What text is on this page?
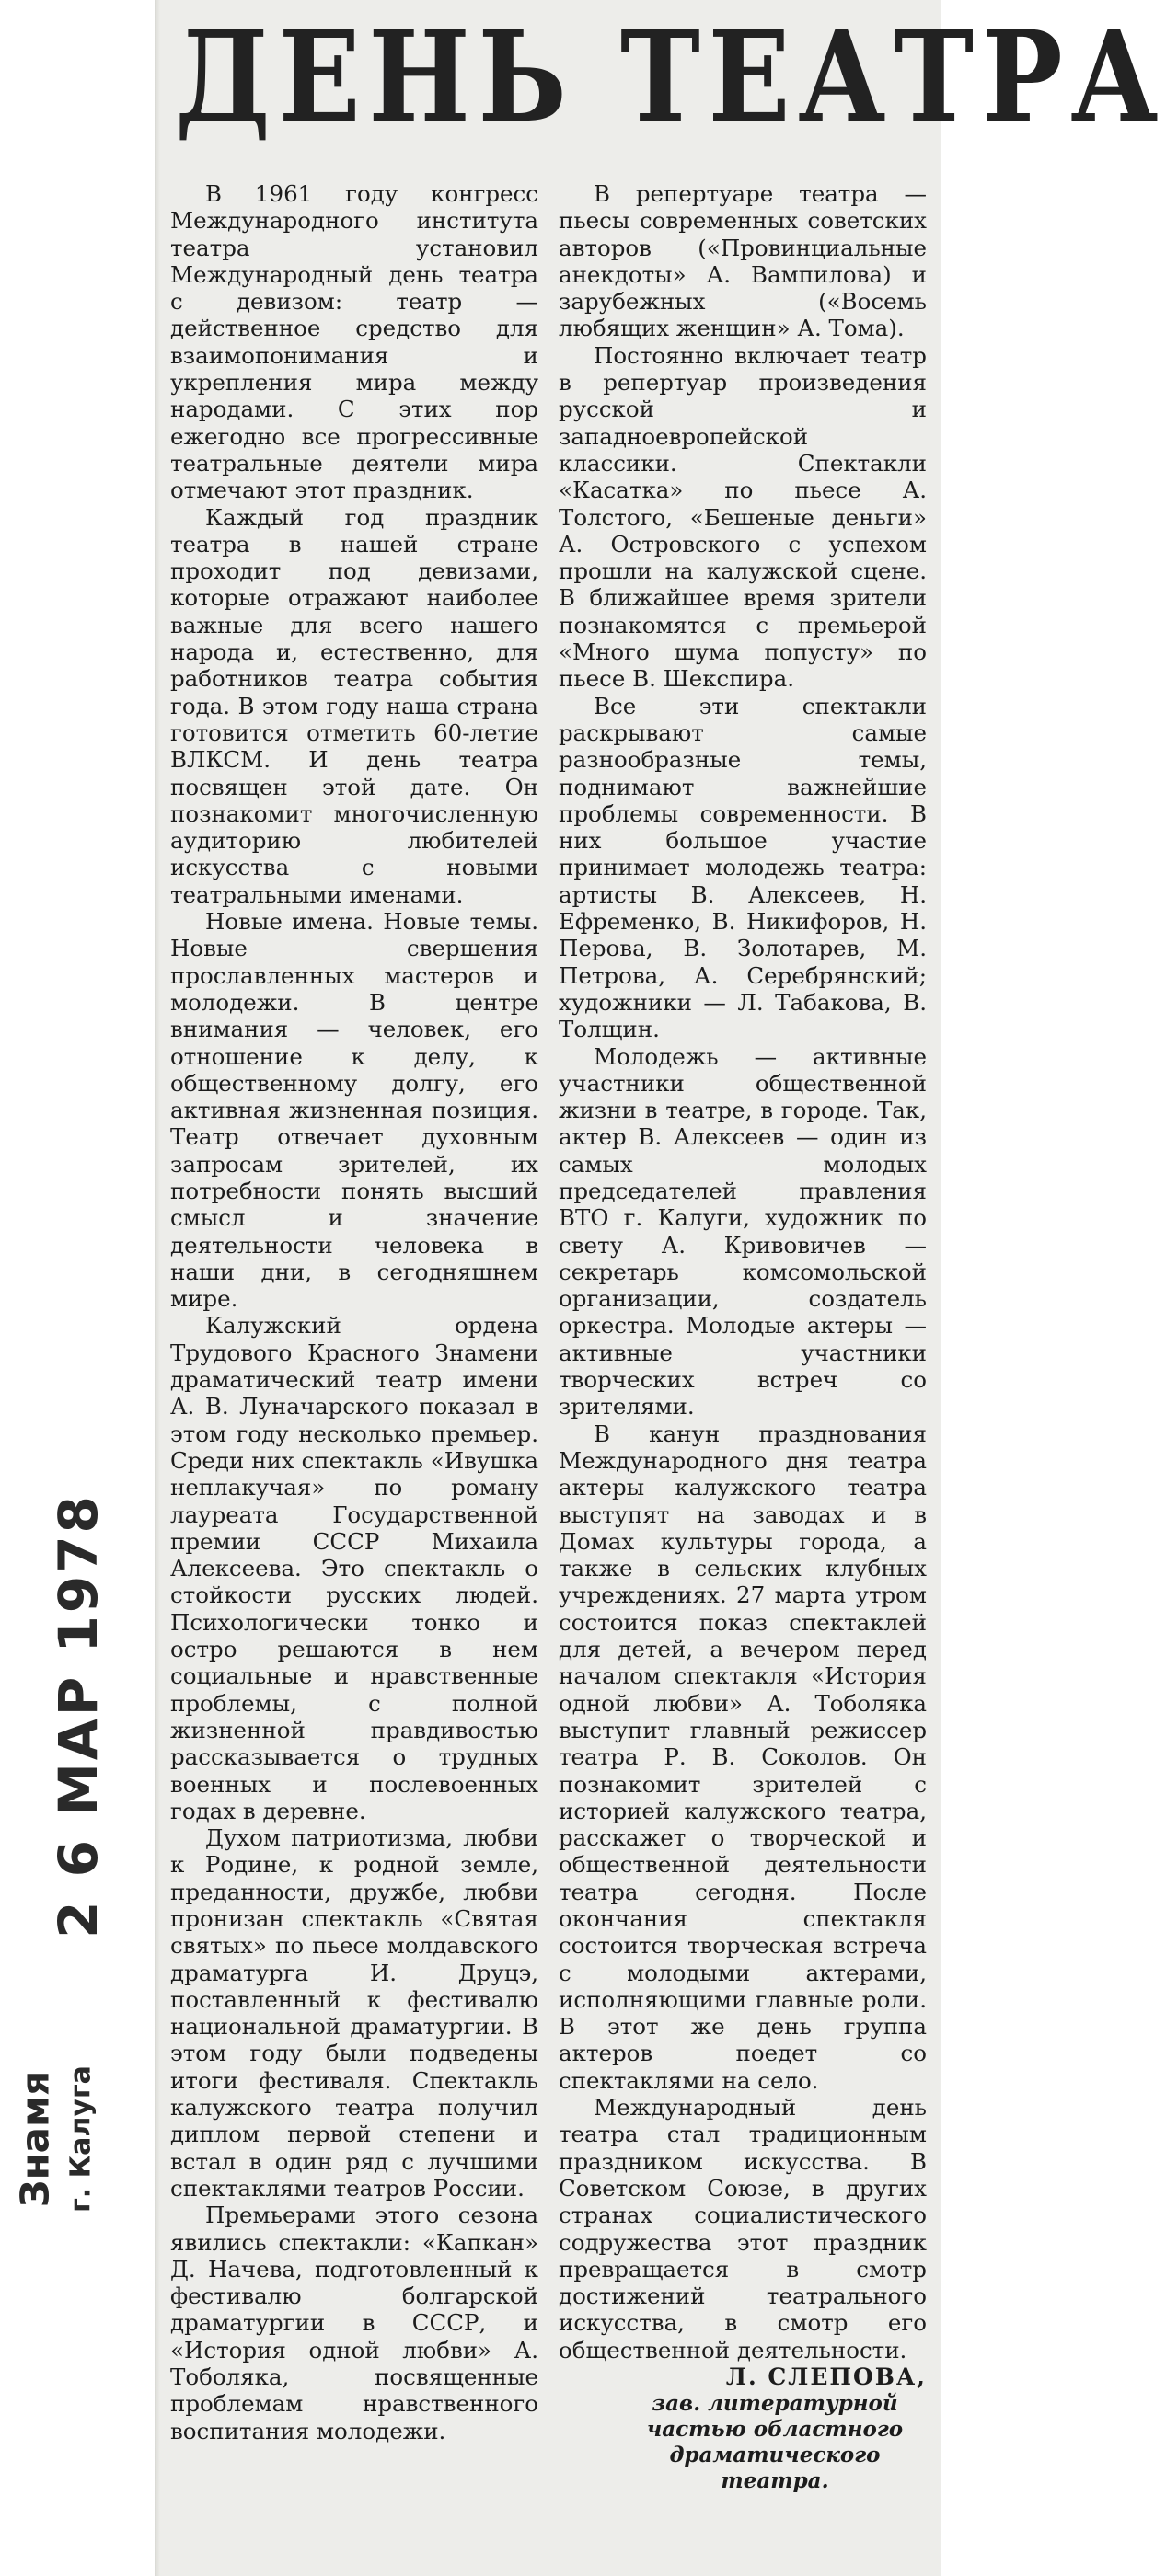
ДЕНЬ ТЕАТРА

В 1961 году конгресс Международного института театра установил Международный день театра с девизом: театр — действенное средство для взаимопонимания и укрепления мира между народами. С этих пор ежегодно все прогрессивные театральные деятели мира отмечают этот праздник.

Каждый год праздник театра в нашей стране проходит под девизами, которые отражают наиболее важные для всего нашего народа и, естественно, для работников театра события года. В этом году наша страна готовится отметить 60-летие ВЛКСМ. И день театра посвящен этой дате. Он познакомит многочисленную аудиторию любителей искусства с новыми театральными именами.

Новые имена. Новые темы. Новые свершения прославленных мастеров и молодежи. В центре внимания — человек, его отношение к делу, к общественному долгу, его активная жизненная позиция. Театр отвечает духовным запросам зрителей, их потребности понять высший смысл и значение деятельности человека в наши дни, в сегодняшнем мире.

Калужский ордена Трудового Красного Знамени драматический театр имени А. В. Луначарского показал в этом году несколько премьер. Среди них спектакль «Ивушка неплакучая» по роману лауреата Государственной премии СССР Михаила Алексеева. Это спектакль о стойкости русских людей. Психологически тонко и остро решаются в нем социальные и нравственные проблемы, с полной жизненной правдивостью рассказывается о трудных военных и послевоенных годах в деревне.

Духом патриотизма, любви к Родине, к родной земле, преданности, дружбе, любви пронизан спектакль «Святая святых» по пьесе молдавского драматурга И. Друцэ, поставленный к фестивалю национальной драматургии. В этом году были подведены итоги фестиваля. Спектакль калужского театра получил диплом первой степени и встал в один ряд с лучшими спектаклями театров России.

Премьерами этого сезона явились спектакли: «Капкан» Д. Начева, подготовленный к фестивалю болгарской драматургии в СССР, и «История одной любви» А. Тоболяка, посвященные проблемам нравственного воспитания молодежи.

В репертуаре театра — пьесы современных советских авторов («Провинциальные анекдоты» А. Вампилова) и зарубежных («Восемь любящих женщин» А. Тома).

Постоянно включает театр в репертуар произведения русской и западноевропейской классики. Спектакли «Касатка» по пьесе А. Толстого, «Бешеные деньги» А. Островского с успехом прошли на калужской сцене. В ближайшее время зрители познакомятся с премьерой «Много шума попусту» по пьесе В. Шекспира.

Все эти спектакли раскрывают самые разнообразные темы, поднимают важнейшие проблемы современности. В них большое участие принимает молодежь театра: артисты В. Алексеев, Н. Ефременко, В. Никифоров, Н. Перова, В. Золотарев, М. Петрова, А. Серебрянский; художники — Л. Табакова, В. Толщин.

Молодежь — активные участники общественной жизни в театре, в городе. Так, актер В. Алексеев — один из самых молодых председателей правления ВТО г. Калуги, художник по свету А. Кривовичев — секретарь комсомольской организации, создатель оркестра. Молодые актеры — активные участники творческих встреч со зрителями.

В канун празднования Международного дня театра актеры калужского театра выступят на заводах и в Домах культуры города, а также в сельских клубных учреждениях. 27 марта утром состоится показ спектаклей для детей, а вечером перед началом спектакля «История одной любви» А. Тоболяка выступит главный режиссер театра Р. В. Соколов. Он познакомит зрителей с историей калужского театра, расскажет о творческой и общественной деятельности театра сегодня. После окончания спектакля состоится творческая встреча с молодыми актерами, исполняющими главные роли. В этот же день группа актеров поедет со спектаклями на село.

Международный день театра стал традиционным праздником искусства. В Советском Союзе, в других странах социалистического содружества этот праздник превращается в смотр достижений театрального искусства, в смотр его общественной деятельности.

Л. СЛЕПОВА,
зав. литературной частью областного драматического театра.
2 6 МАР 1978
Знамя г. Калуга
